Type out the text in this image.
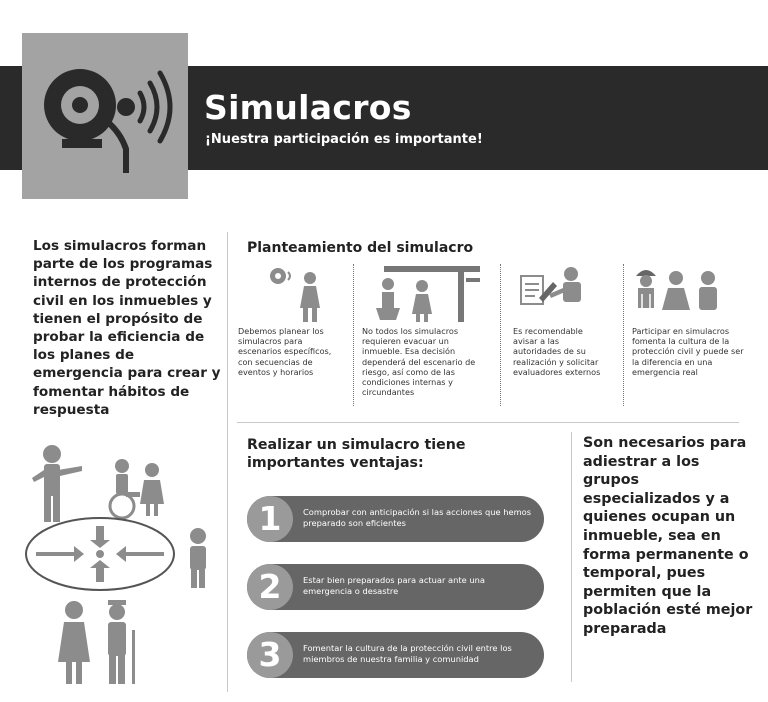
Simulacros
¡Nuestra participación es importante!
Los simulacros forman parte de los programas internos de protección civil en los inmuebles y tienen el propósito de probar la eficiencia de los planes de emergencia para crear y fomentar hábitos de respuesta
Planteamiento del simulacro
Debemos planear los simulacros para escenarios específicos, con secuencias de eventos y horarios
No todos los simulacros requieren evacuar un inmueble. Esa decisión dependerá del escenario de riesgo, así como de las condiciones internas y circundantes
Es recomendable avisar a las autoridades de su realización y solicitar evaluadores externos
Participar en simulacros fomenta la cultura de la protección civil y puede ser la diferencia en una emergencia real
Realizar un simulacro tiene importantes ventajas:
1	Comprobar con anticipación si las acciones que hemos preparado son eficientes
2	Estar bien preparados para actuar ante una emergencia o desastre
3	Fomentar la cultura de la protección civil entre los miembros de nuestra familia y comunidad
Son necesarios para adiestrar a los grupos especializados y a quienes ocupan un inmueble, sea en forma permanente o temporal, pues permiten que la población esté mejor preparada
